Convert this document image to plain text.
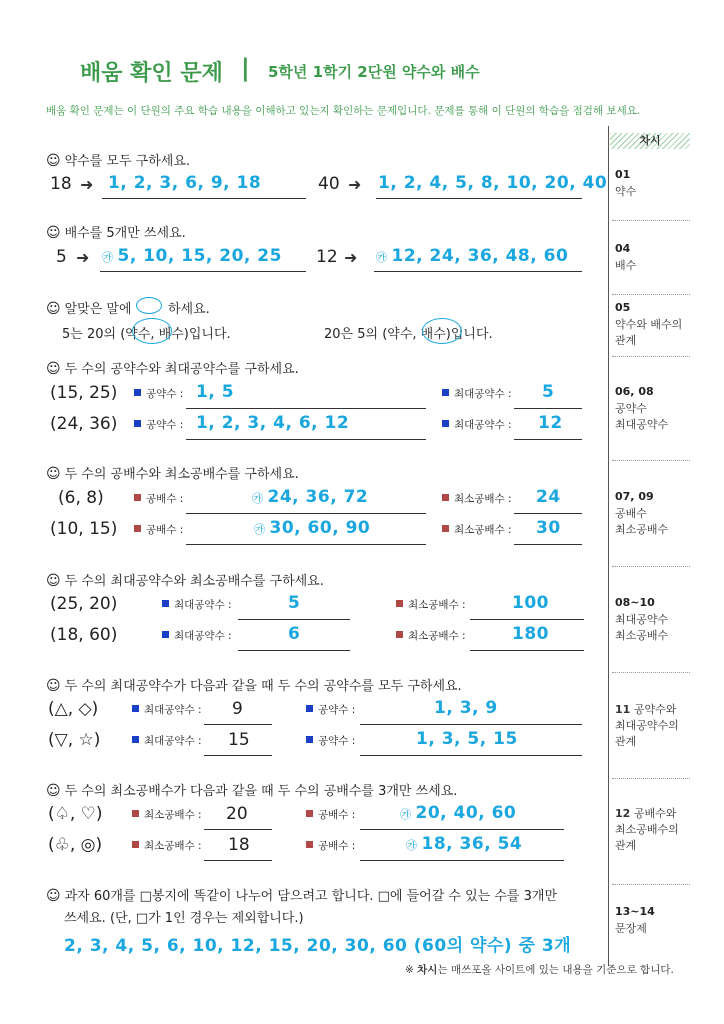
배움 확인 문제 | 5학년 1학기 2단원 약수와 배수
배움 확인 문제는 이 단원의 주요 학습 내용을 이해하고 있는지 확인하는 문제입니다. 문제를 통해 이 단원의 학습을 점검해 보세요.
차시
01
약수
04
배수
05
약수와 배수의
관계
06, 08
공약수
최대공약수
07, 09
공배수
최소공배수
08~10
최대공약수
최소공배수
11 공약수와
최대공약수의
관계
12 공배수와
최소공배수의
관계
13~14
문장제
☺ 약수를 모두 구하세요.
18 ➜ 1, 2, 3, 6, 9, 18	40 ➜ 1, 2, 4, 5, 8, 10, 20, 40
☺ 배수를 5개만 쓰세요.
5 ➜ ㉮ 5, 10, 15, 20, 25 12 ➜ ㉮ 12, 24, 36, 48, 60
☺ 알맞은 말에 ○ 하세요.
5는 20의 (약수, 배수)입니다.	20은 5의 (약수, 배수)입니다.
☺ 두 수의 공약수와 최대공약수를 구하세요.
(15, 25)	공약수 : 1, 5	최대공약수 : 5
(24, 36)	공약수 : 1, 2, 3, 4, 6, 12	최대공약수 : 12
☺ 두 수의 공배수와 최소공배수를 구하세요.
(6, 8)	공배수 :	㉮ 24, 36, 72	최소공배수 : 24
(10, 15)	공배수 :	㉮ 30, 60, 90	최소공배수 : 30
☺ 두 수의 최대공약수와 최소공배수를 구하세요.
(25, 20)	최대공약수 :	5	최소공배수 :	100
(18, 60)	최대공약수 :	6	최소공배수 :	180
☺ 두 수의 최대공약수가 다음과 같을 때 두 수의 공약수를 모두 구하세요.
(△, ◇)	최대공약수 : 9	공약수 :	1, 3, 9
(▽, ☆)	최대공약수 : 15	공약수 :	1, 3, 5, 15
☺ 두 수의 최소공배수가 다음과 같을 때 두 수의 공배수를 3개만 쓰세요.
(♤, ♡)	최소공배수 : 20	공배수 :	㉮ 20, 40, 60
(♧, ◎)	최소공배수 : 18	공배수 :	㉮ 18, 36, 54
☺ 과자 60개를 □봉지에 똑같이 나누어 담으려고 합니다. □에 들어갈 수 있는 수를 3개만
쓰세요. (단, □가 1인 경우는 제외합니다.)
2, 3, 4, 5, 6, 10, 12, 15, 20, 30, 60 (60의 약수) 중 3개
※ 차시는 매쓰포올 사이트에 있는 내용을 기준으로 합니다.
